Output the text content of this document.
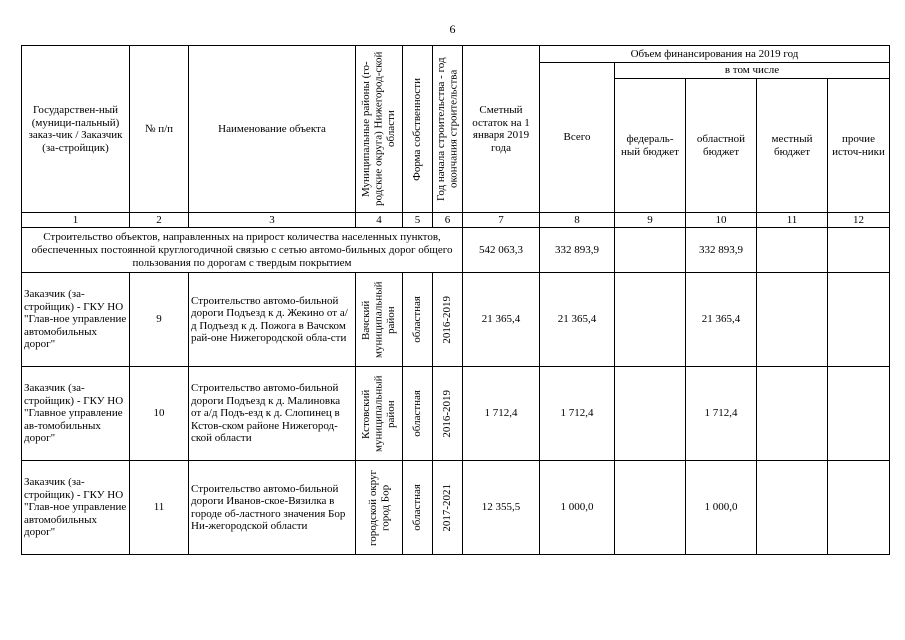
6
Государствен-ный (муници-пальный) заказ-чик / Заказчик (за-стройщик)	№ п/п	Наименование объекта	Муниципальные районы (го-родские округа) Нижегород-ской области	Форма собственности	Год начала строительства - год окончания строительства	Сметный остаток на 1 января 2019 года	Объем финансирования на 2019 год				
							Всего	в том числе			
								федераль-ный бюджет	областной бюджет	местный бюджет	прочие источ-ники
1	2	3	4	5	6	7	8	9	10	11	12
Строительство объектов, направленных на прирост количества населенных пунктов, обеспеченных постоянной круглогодичной связью с сетью автомо-бильных дорог общего пользования по дорогам с твердым покрытием						542 063,3	332 893,9		332 893,9		
Заказчик (за-стройщик) - ГКУ НО "Глав-ное управление автомобильных дорог"	9	Строительство автомо-бильной дороги Подъезд к д. Жекино от а/д Подъезд к д. Пожога в Вачском рай-оне Нижегородской обла-сти	Вачский муниципальный район	областная	2016-2019	21 365,4	21 365,4		21 365,4		
Заказчик (за-стройщик) - ГКУ НО "Главное управление ав-томобильных дорог"	10	Строительство автомо-бильной дороги Подъезд к д. Малиновка от а/д Подъ-езд к д. Слопинец в Кстов-ском районе Нижегород-ской области	Кстовский муниципальный район	областная	2016-2019	1 712,4	1 712,4		1 712,4		
Заказчик (за-стройщик) - ГКУ НО "Глав-ное управление автомобильных дорог"	11	Строительство автомо-бильной дороги Иванов-ское-Вязилка в городе об-ластного значения Бор Ни-жегородской области	городской округ город Бор	областная	2017-2021	12 355,5	1 000,0		1 000,0		
